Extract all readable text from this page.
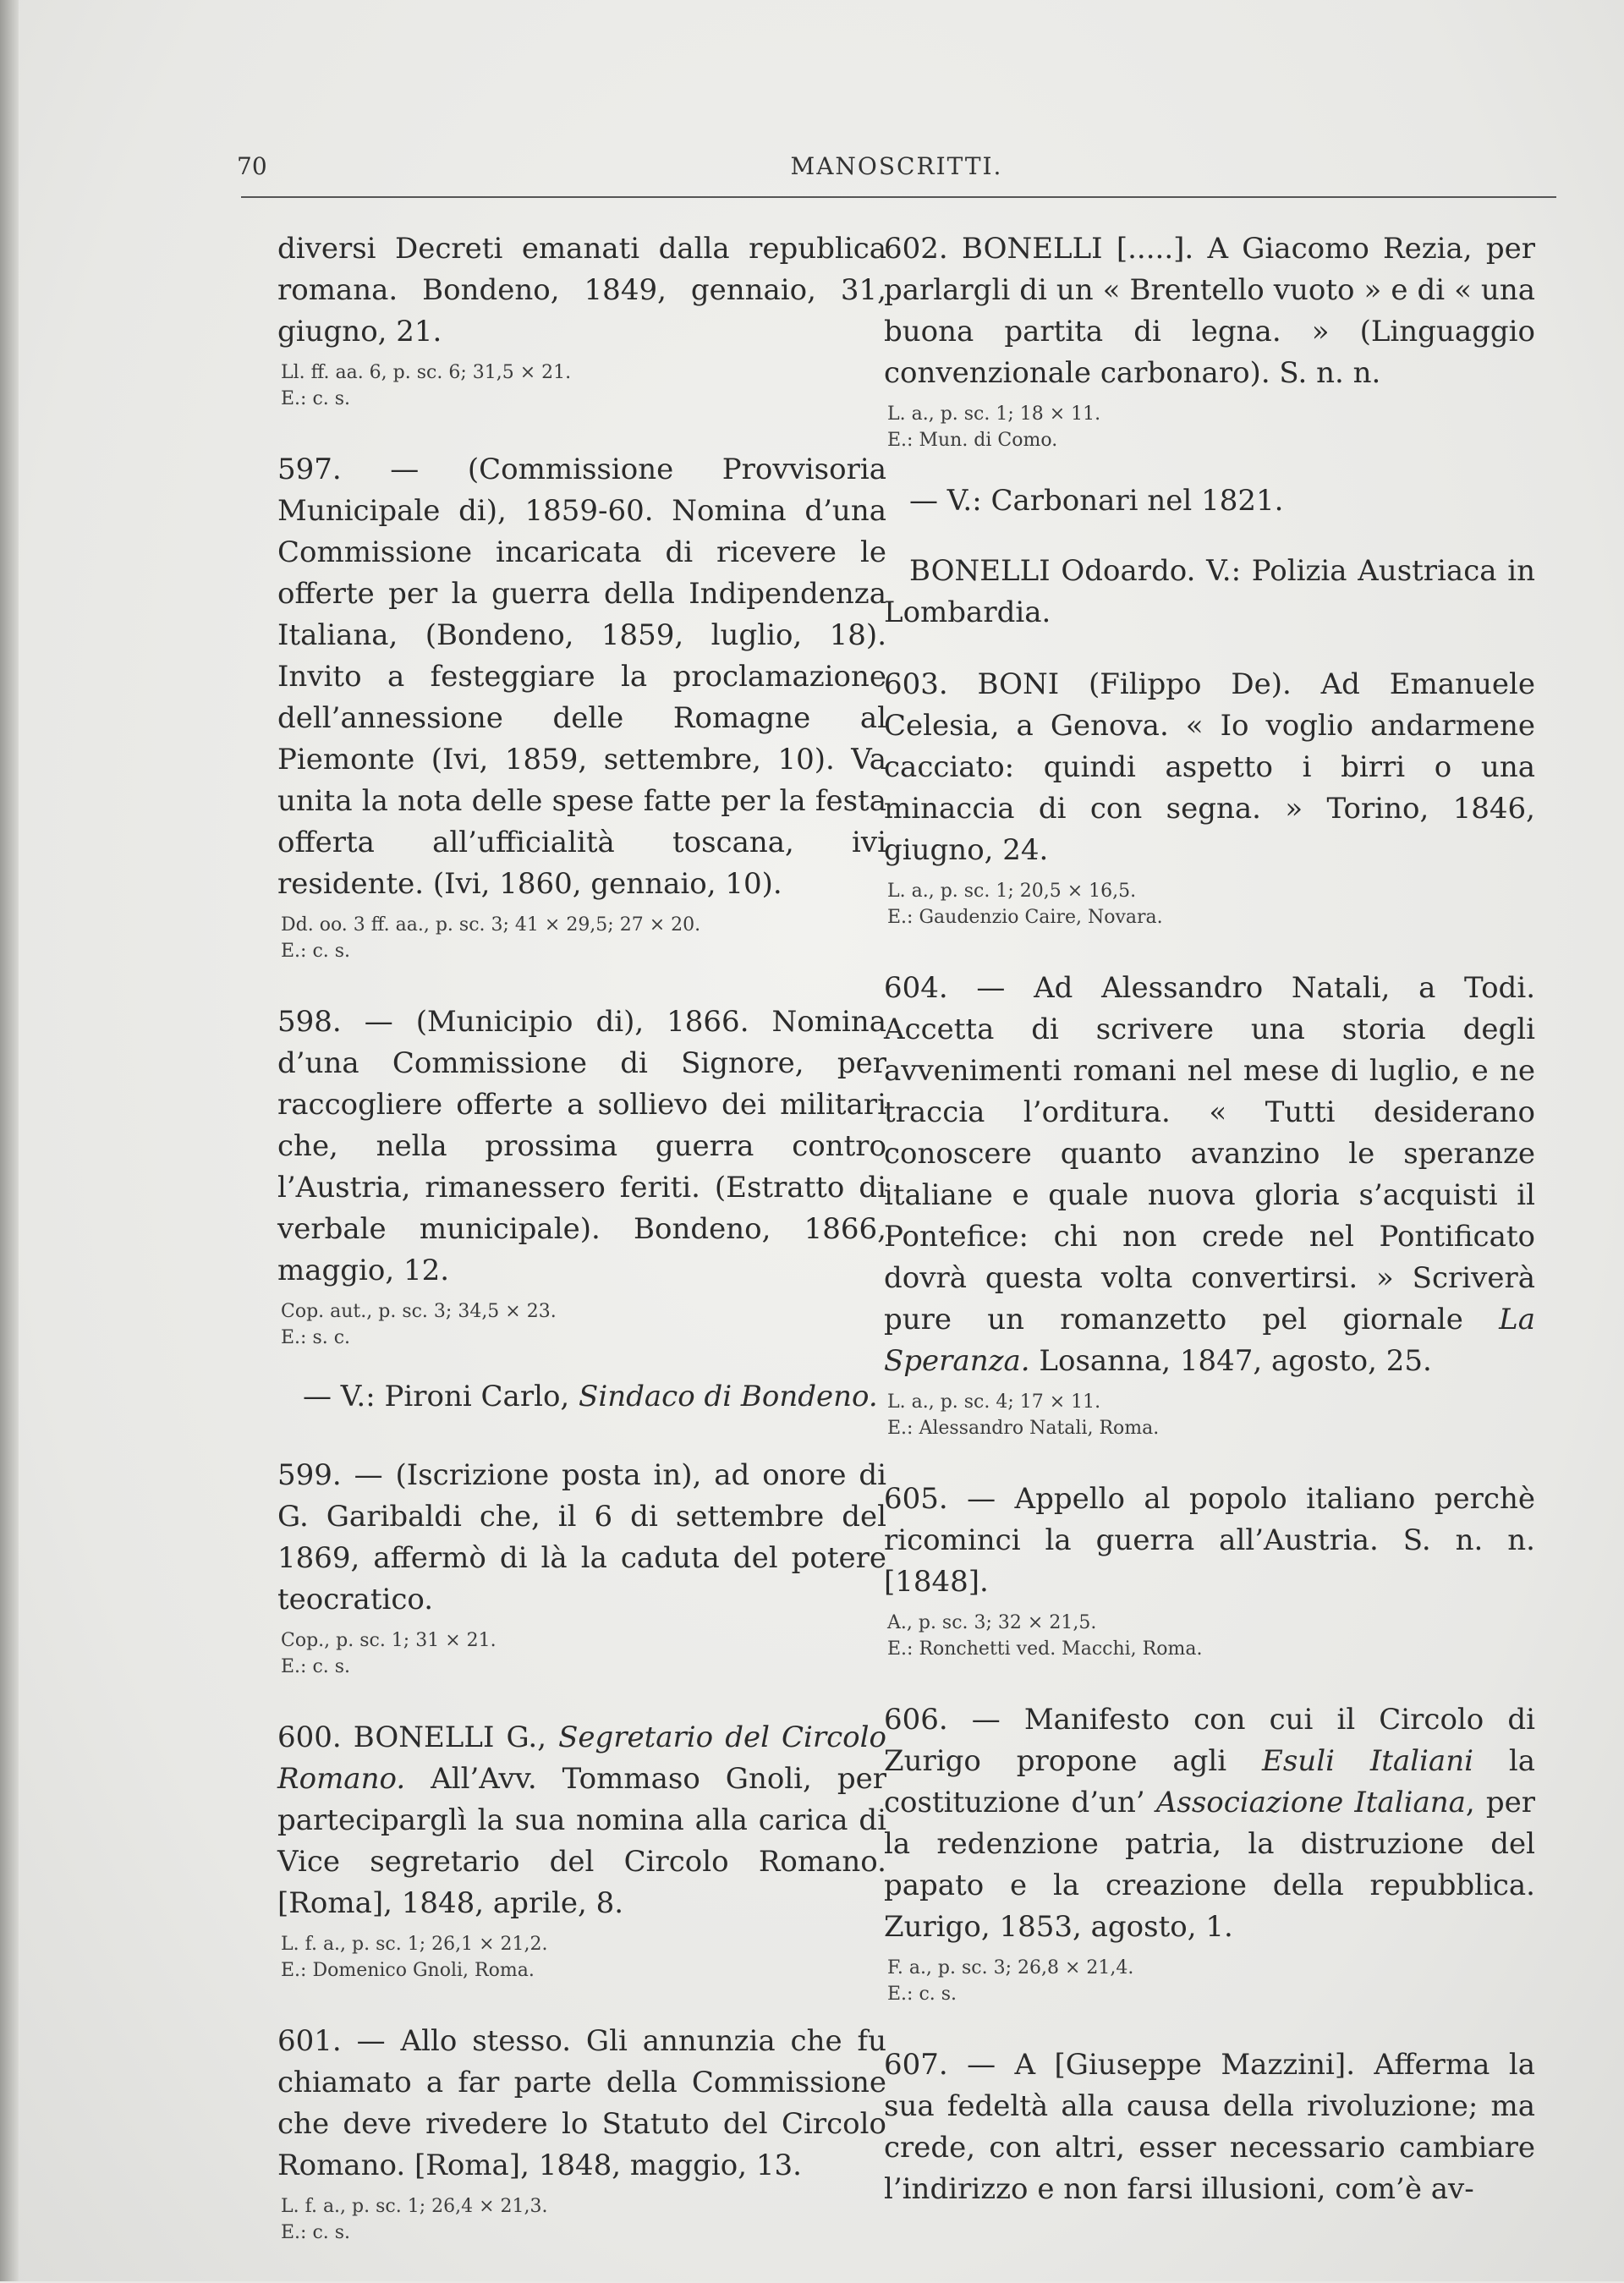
70	MANOSCRITTI.
diversi Decreti emanati dalla republica romana. Bondeno, 1849, gennaio, 31, giugno, 21.
Ll. ff. aa. 6, p. sc. 6; 31,5 × 21.
E.: c. s.
597. — (Commissione Provvisoria Municipale di), 1859-60. Nomina d’una Commissione incaricata di ricevere le offerte per la guerra della Indipendenza Italiana, (Bondeno, 1859, luglio, 18). Invito a festeggiare la proclamazione dell’annessione delle Romagne al Piemonte (Ivi, 1859, settembre, 10). Va unita la nota delle spese fatte per la festa offerta all’ufficialità toscana, ivi residente. (Ivi, 1860, gennaio, 10).
Dd. oo. 3 ff. aa., p. sc. 3; 41 × 29,5; 27 × 20.
E.: c. s.
598. — (Municipio di), 1866. Nomina d’una Commissione di Signore, per raccogliere offerte a sollievo dei militari che, nella prossima guerra contro l’Austria, rimanessero feriti. (Estratto di verbale municipale). Bondeno, 1866, maggio, 12.
Cop. aut., p. sc. 3; 34,5 × 23.
E.: s. c.
— V.: Pironi Carlo, Sindaco di Bondeno.
599. — (Iscrizione posta in), ad onore di G. Garibaldi che, il 6 di settembre del 1869, affermò di là la caduta del potere teocratico.
Cop., p. sc. 1; 31 × 21.
E.: c. s.
600. BONELLI G., Segretario del Circolo Romano. All’Avv. Tommaso Gnoli, per parteciparglì la sua nomina alla carica di Vice segretario del Circolo Romano. [Roma], 1848, aprile, 8.
L. f. a., p. sc. 1; 26,1 × 21,2.
E.: Domenico Gnoli, Roma.
601. — Allo stesso. Gli annunzia che fu chiamato a far parte della Commissione che deve rivedere lo Statuto del Circolo Romano. [Roma], 1848, maggio, 13.
L. f. a., p. sc. 1; 26,4 × 21,3.
E.: c. s.
602. BONELLI [.....]. A Giacomo Rezia, per parlargli di un « Brentello vuoto » e di « una buona partita di legna. » (Linguaggio convenzionale carbonaro). S. n. n.
L. a., p. sc. 1; 18 × 11.
E.: Mun. di Como.
— V.: Carbonari nel 1821.
BONELLI Odoardo. V.: Polizia Austriaca in Lombardia.
603. BONI (Filippo De). Ad Emanuele Celesia, a Genova. « Io voglio andarmene cacciato: quindi aspetto i birri o una minaccia di con segna. » Torino, 1846, giugno, 24.
L. a., p. sc. 1; 20,5 × 16,5.
E.: Gaudenzio Caire, Novara.
604. — Ad Alessandro Natali, a Todi. Accetta di scrivere una storia degli avvenimenti romani nel mese di luglio, e ne traccia l’orditura. « Tutti desiderano conoscere quanto avanzino le speranze italiane e quale nuova gloria s’acquisti il Pontefice: chi non crede nel Pontificato dovrà questa volta convertirsi. » Scriverà pure un romanzetto pel giornale La Speranza. Losanna, 1847, agosto, 25.
L. a., p. sc. 4; 17 × 11.
E.: Alessandro Natali, Roma.
605. — Appello al popolo italiano perchè ricominci la guerra all’Austria. S. n. n. [1848].
A., p. sc. 3; 32 × 21,5.
E.: Ronchetti ved. Macchi, Roma.
606. — Manifesto con cui il Circolo di Zurigo propone agli Esuli Italiani la costituzione d’un’ Associazione Italiana, per la redenzione patria, la distruzione del papato e la creazione della repubblica. Zurigo, 1853, agosto, 1.
F. a., p. sc. 3; 26,8 × 21,4.
E.: c. s.
607. — A [Giuseppe Mazzini]. Afferma la sua fedeltà alla causa della rivoluzione; ma crede, con altri, esser necessario cambiare l’indirizzo e non farsi illusioni, com’è av-
